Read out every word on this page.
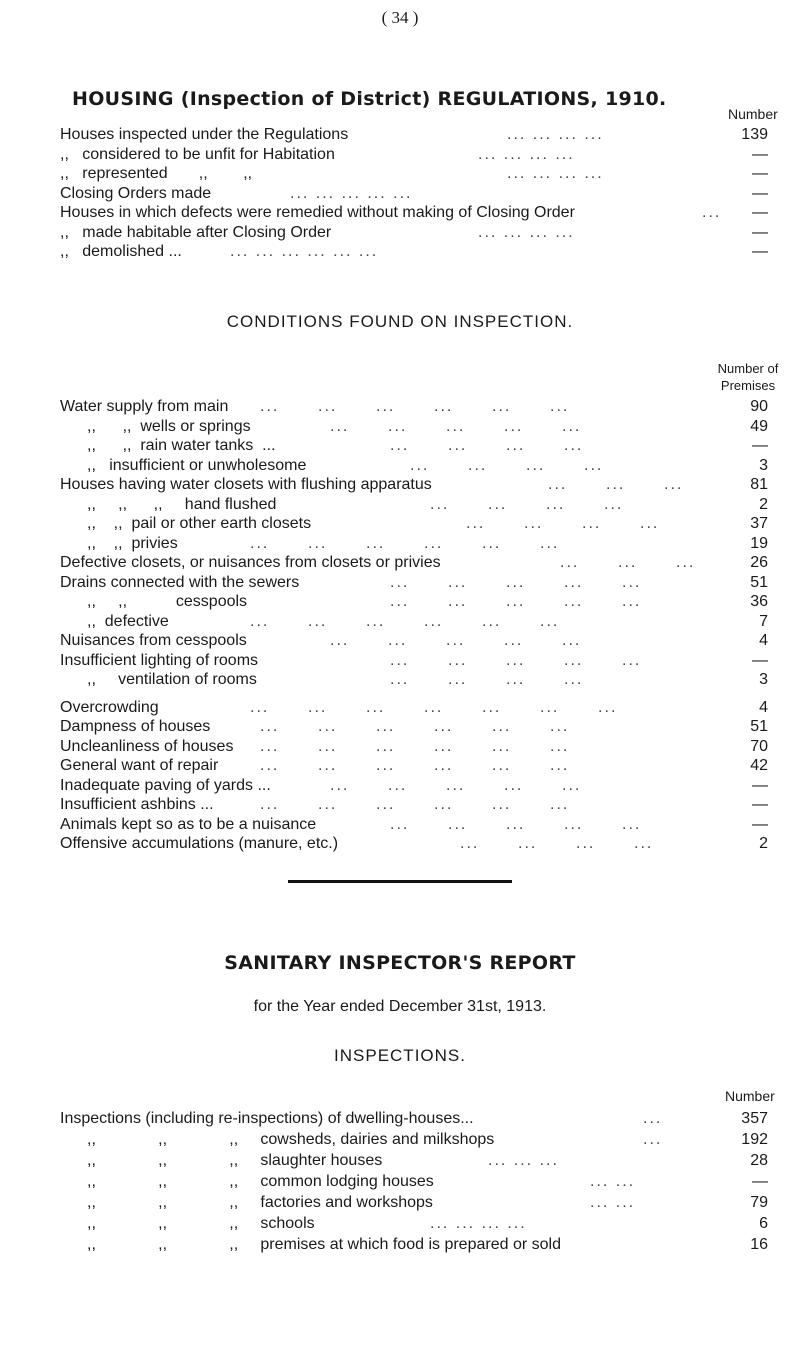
( 34 )
HOUSING (Inspection of District) REGULATIONS, 1910.
Number
Houses inspected under the Regulations	... ... ... ...	139
,, considered to be unfit for Habitation	... ... ... ...	—
,, represented       ,,        ,,	... ... ... ...	—
Closing Orders made	... ... ... ... ...	—
Houses in which defects were remedied without making of Closing Order	... —
,, made habitable after Closing Order	... ... ... ...	—
,, demolished ...	... ... ... ... ... ...	—
CONDITIONS FOUND ON INSPECTION.
Number of
Premises
Water supply from main ...      ...      ...      ...      ...      ...	90
,,      ,,  wells or springs	...      ...      ...      ...      ...	49
,,      ,,  rain water tanks  ...	...      ...      ...      ...	—
,,   insufficient or unwholesome	...      ...      ...      ...	3
Houses having water closets with flushing apparatus	...      ...      ...	81
,,     ,,      ,,     hand flushed	...      ...      ...      ...	2
,,    ,,  pail or other earth closets	...      ...      ...      ...	37
,,    ,,  privies	...      ...      ...      ...      ...      ...	19
Defective closets, or nuisances from closets or privies	...      ...      ...	26
Drains connected with the sewers	...      ...      ...      ...      ...	51
,,     ,,           cesspools	...      ...      ...      ...      ...	36
,,  defective	...      ...      ...      ...      ...      ...	7
Nuisances from cesspools	...      ...      ...      ...      ...	4
Insufficient lighting of rooms	...      ...      ...      ...      ...	—
,,     ventilation of rooms	...      ...      ...      ...	3
Overcrowding	...      ...      ...      ...      ...      ...      ...	4
Dampness of houses	...      ...      ...      ...      ...      ...	51
Uncleanliness of houses ...      ...      ...      ...      ...      ...	70
General want of repair	...      ...      ...      ...      ...      ...	42
Inadequate paving of yards ...	...      ...      ...      ...      ...	—
Insufficient ashbins ...	...      ...      ...      ...      ...      ...	—
Animals kept so as to be a nuisance	...      ...      ...      ...      ...	—
Offensive accumulations (manure, etc.)	...      ...      ...      ...	2
SANITARY INSPECTOR'S REPORT
for the Year ended December 31st, 1913.
INSPECTIONS.
Number
Inspections (including re-inspections) of dwelling-houses...	...	357
,,              ,,              ,,     cowsheds, dairies and milkshops	...	192
,,              ,,              ,,     slaughter houses	... ... ...	28
,,              ,,              ,,     common lodging houses	... ...	—
,,              ,,              ,,     factories and workshops	... ...	79
,,              ,,              ,,     schools	... ... ... ...	6
,,              ,,              ,,     premises at which food is prepared or sold	16
